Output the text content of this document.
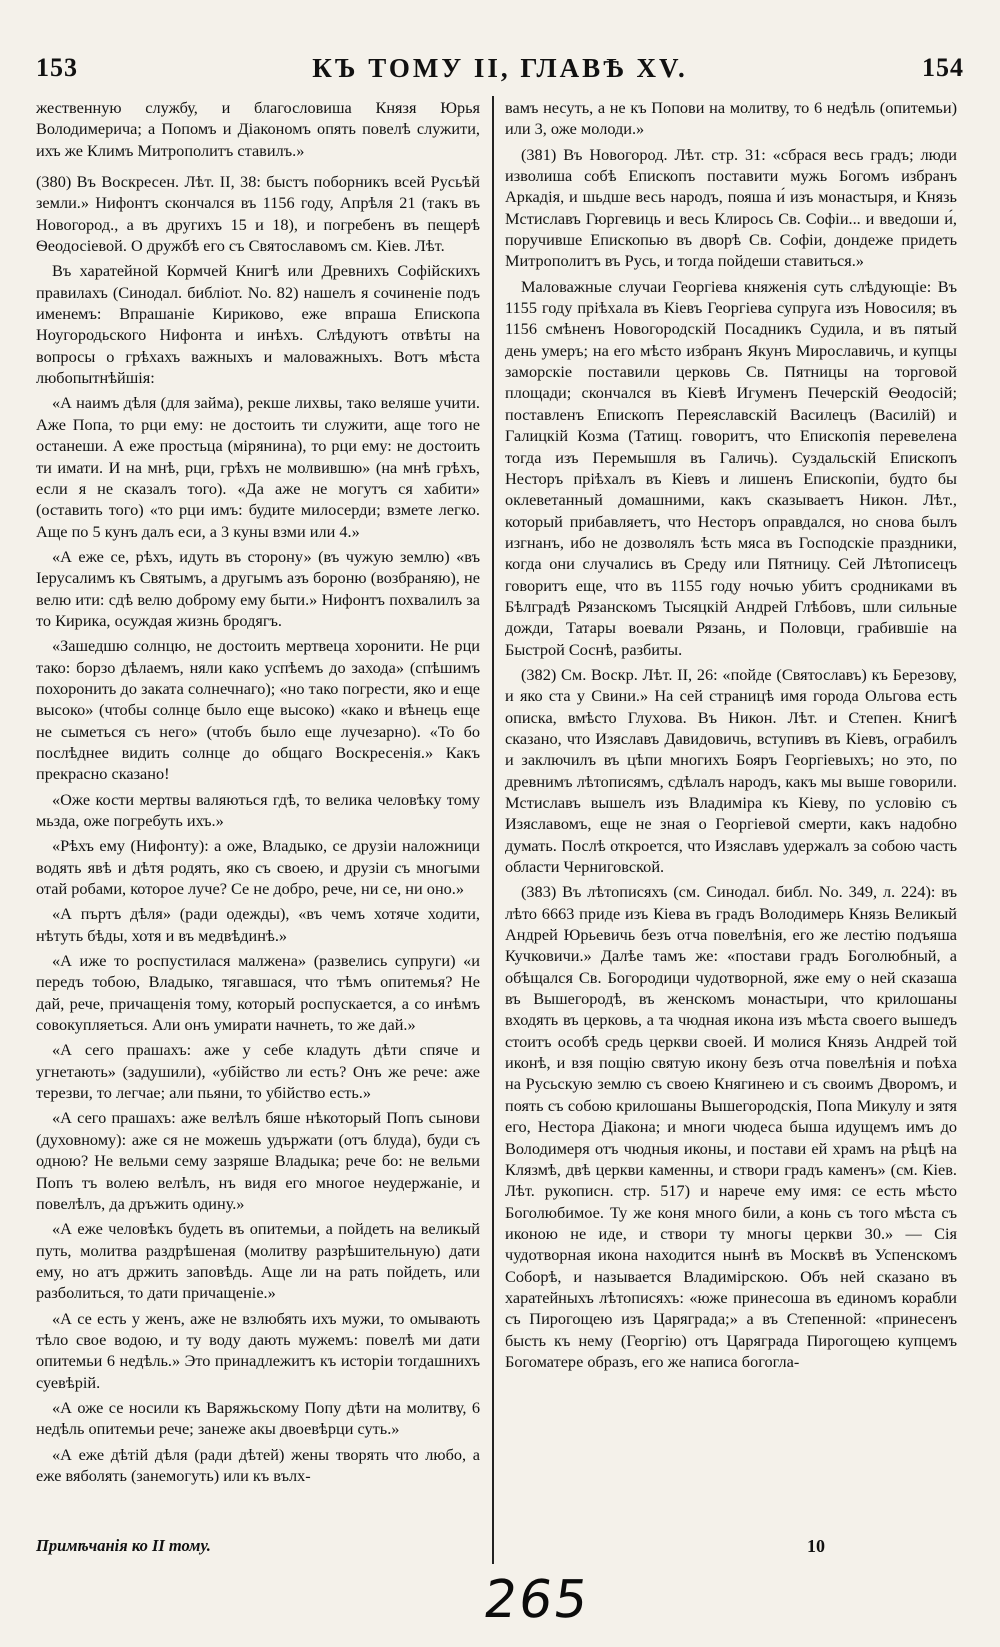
153	КЪ ТОМУ II, ГЛАВѢ XV.	154

жественную службу, и благословиша Князя Юрья Володимерича; а Попомъ и Діакономъ опять повелѣ служити, ихъ же Климъ Митрополитъ ставилъ.»

(380) Въ Воскресен. Лѣт. II, 38: быстъ поборникъ всей Русьѣй земли.» Нифонтъ скончался въ 1156 году, Апрѣля 21 (такъ въ Новогород., а въ другихъ 15 и 18), и погребенъ въ пещерѣ Ѳеодосіевой. О дружбѣ его съ Святославомъ см. Кіев. Лѣт.

Въ харатейной Кормчей Книгѣ или Древнихъ Софійскихъ правилахъ (Синодал. библіот. No. 82) нашелъ я сочиненіе подъ именемъ: Впрашаніе Кириково, еже впраша Епископа Ноугородьского Нифонта и инѣхъ. Слѣдуютъ отвѣты на вопросы о грѣхахъ важныхъ и маловажныхъ. Вотъ мѣста любопытнѣйшія:

«А наимъ дѣля (для займа), рекше лихвы, тако веляше учити. Аже Попа, то рци ему: не достоить ти служити, аще того не останеши. А еже простьца (мірянина), то рци ему: не достоить ти имати. И на мнѣ, рци, грѣхъ не молвившю» (на мнѣ грѣхъ, если я не сказалъ того). «Да аже не могутъ ся хабити» (оставить того) «то рци имъ: будите милосерди; взмете легко. Аще по 5 кунъ далъ еси, а 3 куны взми или 4.»

«А еже се, рѣхъ, идуть въ сторону» (въ чужую землю) «въ Іерусалимъ къ Святымъ, а другымъ азъ бороню (возбраняю), не велю ити: сдѣ велю доброму ему быти.» Нифонтъ похвалилъ за то Кирика, осуждая жизнь бродягъ.

«Зашедшю солнцю, не достоить мертвеца хоронити. Не рци тако: борзо дѣлаемъ, няли како успѣемъ до захода» (спѣшимъ похоронить до заката солнечнаго); «но тако погрести, яко и еще высоко» (чтобы солнце было еще высоко) «како и вѣнець еще не сыметься съ него» (чтобъ было еще лучезарно). «То бо послѣднее видить солнце до общаго Воскресенія.» Какъ прекрасно сказано!

«Оже кости мертвы валяються гдѣ, то велика человѣку тому мьзда, оже погребуть ихъ.»

«Рѣхъ ему (Нифонту): а оже, Владыко, се друзіи наложници водять явѣ и дѣтя родять, яко съ своею, и друзіи съ многыми отай робами, которое луче? Се не добро, рече, ни се, ни оно.»

«А пъртъ дѣля» (ради одежды), «въ чемъ хотяче ходити, нѣтуть бѣды, хотя и въ медвѣдинѣ.»

«А иже то роспустилася малжена» (развелись супруги) «и передъ тобою, Владыко, тягавшася, что тѣмъ опитемья? Не дай, рече, причащенія тому, который роспускается, а со инѣмъ совокупляеться. Али онъ умирати начнеть, то же дай.»

«А сего прашахъ: аже у себе кладуть дѣти спяче и угнетають» (задушили), «убійство ли есть? Онъ же рече: аже терезви, то легчае; али пьяни, то убійство есть.»

«А сего прашахъ: аже велѣлъ бяше нѣкоторый Попъ сынови (духовному): аже ся не можешь удържати (отъ блуда), буди съ одною? Не вельми сему зазряше Владыка; рече бо: не вельми Попъ тъ волею велѣлъ, нъ видя его многое неудержаніе, и повелѣлъ, да дръжить одину.»

«А еже человѣкъ будеть въ опитемьи, а пойдеть на великый путь, молитва раздрѣшеная (молитву разрѣшительную) дати ему, но атъ држить заповѣдь. Аще ли на рать пойдеть, или разболиться, то дати причащеніе.»

«А се есть у женъ, аже не взлюбять ихъ мужи, то омывають тѣло свое водою, и ту воду дають мужемъ: повелѣ ми дати опитемьи 6 недѣль.» Это принадлежитъ къ исторіи тогдашнихъ суевѣрій.

«А оже се носили къ Варяжьскому Попу дѣти на молитву, 6 недѣль опитемьи рече; занеже акы двоевѣрци суть.»

«А еже дѣтій дѣля (ради дѣтей) жены творять что любо, а еже вяболять (занемогуть) или къ вълх-

вамъ несуть, а не къ Попови на молитву, то 6 недѣль (опитемьи) или 3, оже молоди.»

(381) Въ Новогород. Лѣт. стр. 31: «сбрася весь градъ; люди изволиша собѣ Епископъ поставити мужь Богомъ избранъ Аркадія, и шьдше весь народъ, пояша и́ изъ монастыря, и Князь Мстиславъ Гюргевиць и весь Клирось Св. Софіи... и введоши и́, поручивше Епископью въ дворѣ Св. Софіи, дондеже придеть Митрополитъ въ Русь, и тогда пойдеши ставиться.»

Маловажные случаи Георгіева княженія суть слѣдующіе: Въ 1155 году пріѣхала въ Кіевъ Георгіева супруга изъ Новосиля; въ 1156 смѣненъ Новогородскій Посадникъ Судила, и въ пятый день умеръ; на его мѣсто избранъ Якунъ Мирославичь, и купцы заморскіе поставили церковь Св. Пятницы на торговой площади; скончался въ Кіевѣ Игуменъ Печерскій Ѳеодосій; поставленъ Епископъ Переяславскій Василецъ (Василій) и Галицкій Козма (Татищ. говоритъ, что Епископія перевелена тогда изъ Перемышля въ Галичь). Суздальскій Епископъ Несторъ пріѣхалъ въ Кіевъ и лишенъ Епископіи, будто бы оклеветанный домашними, какъ сказываетъ Никон. Лѣт., который прибавляетъ, что Несторъ оправдался, но снова былъ изгнанъ, ибо не дозволялъ ѣсть мяса въ Господскіе праздники, когда они случались въ Среду или Пятницу. Сей Лѣтописецъ говоритъ еще, что въ 1155 году ночью убитъ сродниками въ Бѣлградѣ Рязанскомъ Тысяцкій Андрей Глѣбовъ, шли сильные дожди, Татары воевали Рязань, и Половци, грабившіе на Быстрой Соснѣ, разбиты.

(382) См. Воскр. Лѣт. II, 26: «пойде (Святославъ) къ Березову, и яко ста у Свини.» На сей страницѣ имя города Ольгова есть описка, вмѣсто Глухова. Въ Никон. Лѣт. и Степен. Книгѣ сказано, что Изяславъ Давидовичь, вступивъ въ Кіевъ, ограбилъ и заключилъ въ цѣпи многихъ Бояръ Георгіевыхъ; но это, по древнимъ лѣтописямъ, сдѣлалъ народъ, какъ мы выше говорили. Мстиславъ вышелъ изъ Владиміра къ Кіеву, по условію съ Изяславомъ, еще не зная о Георгіевой смерти, какъ надобно думать. Послѣ откроется, что Изяславъ удержалъ за собою часть области Черниговской.

(383) Въ лѣтописяхъ (см. Синодал. библ. No. 349, л. 224): въ лѣто 6663 приде изъ Кіева въ градъ Володимерь Князь Великый Андрей Юрьевичь безъ отча повелѣнія, его же лестію подъяша Кучковичи.» Далѣе тамъ же: «постави градъ Боголюбный, а обѣщался Св. Богородици чудотворной, яже ему о ней сказаша въ Вышегородѣ, въ женскомъ монастыри, что крилошаны входять въ церковь, а та чюдная икона изъ мѣста своего вышедъ стоитъ особѣ средь церкви своей. И молися Князь Андрей той иконѣ, и взя пощію святую икону безъ отча повелѣнія и поѣха на Русьскую землю съ своею Княгинею и съ своимъ Дворомъ, и поять съ собою крилошаны Вышегородскія, Попа Микулу и зятя его, Нестора Діакона; и многи чюдеса быша идущемъ имъ до Володимеря отъ чюдныя иконы, и постави ей храмъ на рѣцѣ на Клязмѣ, двѣ церкви каменны, и створи градъ каменъ» (см. Кіев. Лѣт. рукописн. стр. 517) и нарече ему имя: се есть мѣсто Боголюбимое. Ту же коня много били, а конь съ того мѣста съ иконою не иде, и створи ту многы церкви 30.» — Сія чудотворная икона находится нынѣ въ Москвѣ въ Успенскомъ Соборѣ, и называется Владимірскою. Объ ней сказано въ харатейныхъ лѣтописяхъ: «юже принесоша въ единомъ корабли съ Пирогощею изъ Царяграда;» а въ Степенной: «принесенъ бысть къ нему (Георгію) отъ Царяграда Пирогощею купцемъ Богоматере образъ, его же написа богогла-

Примѣчанія ко II тому.	10
265
